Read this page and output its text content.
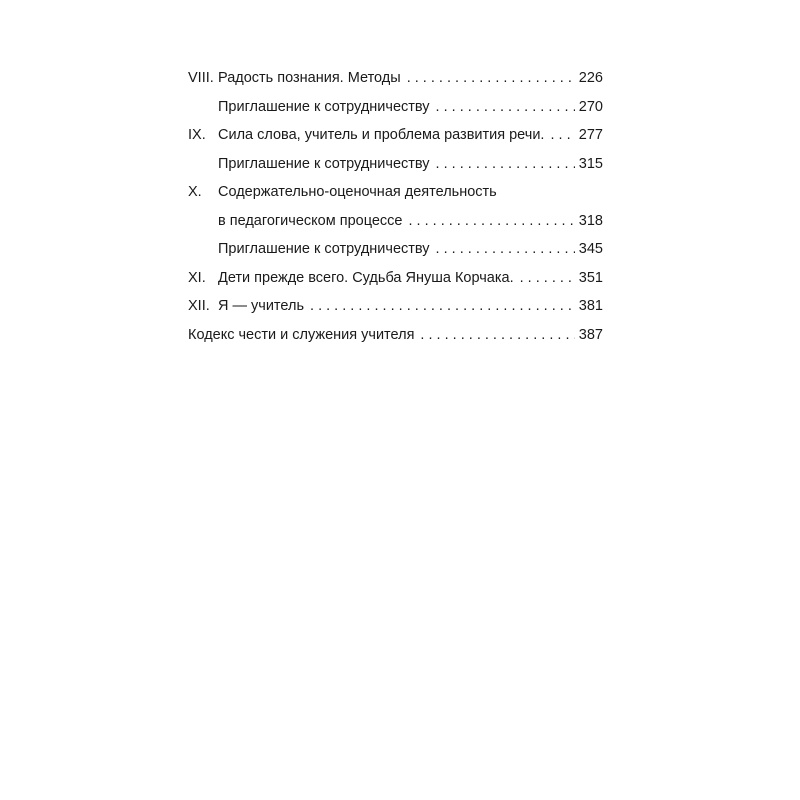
VIII. Радость познания. Методы . . .	226
Приглашение к сотрудничеству . . .	270
IX. Сила слова, учитель и проблема развития речи. . . . 277
Приглашение к сотрудничеству . . .	315
X.	Содержательно-оценочная деятельность
в педагогическом процессе . . .	318
Приглашение к сотрудничеству . . .	345
XI. Дети прежде всего. Судьба Януша Корчака. . . .	351
XII. Я — учитель . . .	381
Кодекс чести и служения учителя . . .	387
